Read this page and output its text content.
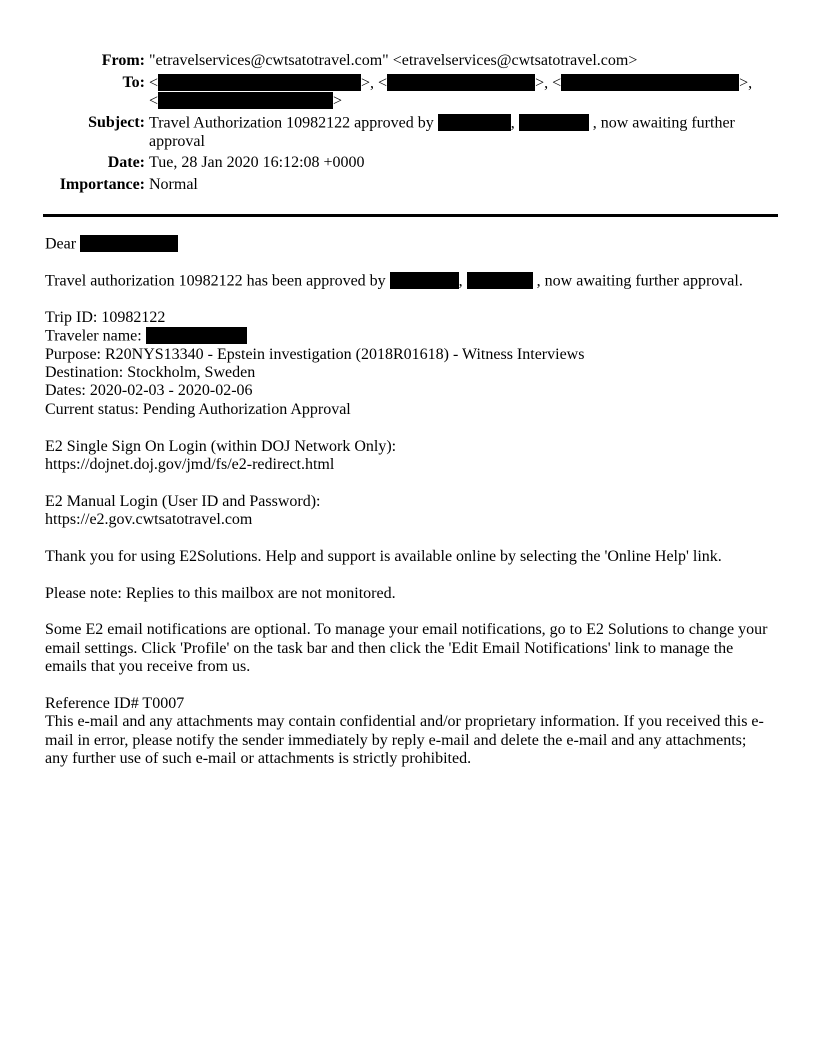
From: "etravelservices@cwtsatotravel.com" <etravelservices@cwtsatotravel.com>
To: <	>, <	>, <	>,
<	>
Subject: Travel Authorization 10982122 approved by	,	, now awaiting further
approval
Date: Tue, 28 Jan 2020 16:12:08 +0000
Importance: Normal
Dear
Travel authorization 10982122 has been approved by	,	, now awaiting further approval.
Trip ID: 10982122
Traveler name:
Purpose: R20NYS13340 - Epstein investigation (2018R01618) - Witness Interviews
Destination: Stockholm, Sweden
Dates: 2020-02-03 - 2020-02-06
Current status: Pending Authorization Approval
E2 Single Sign On Login (within DOJ Network Only):
https://dojnet.doj.gov/jmd/fs/e2-redirect.html
E2 Manual Login (User ID and Password):
https://e2.gov.cwtsatotravel.com
Thank you for using E2Solutions. Help and support is available online by selecting the 'Online Help' link.
Please note: Replies to this mailbox are not monitored.
Some E2 email notifications are optional. To manage your email notifications, go to E2 Solutions to change your
email settings. Click 'Profile' on the task bar and then click the 'Edit Email Notifications' link to manage the
emails that you receive from us.
Reference ID# T0007
This e-mail and any attachments may contain confidential and/or proprietary information. If you received this e-
mail in error, please notify the sender immediately by reply e-mail and delete the e-mail and any attachments;
any further use of such e-mail or attachments is strictly prohibited.
